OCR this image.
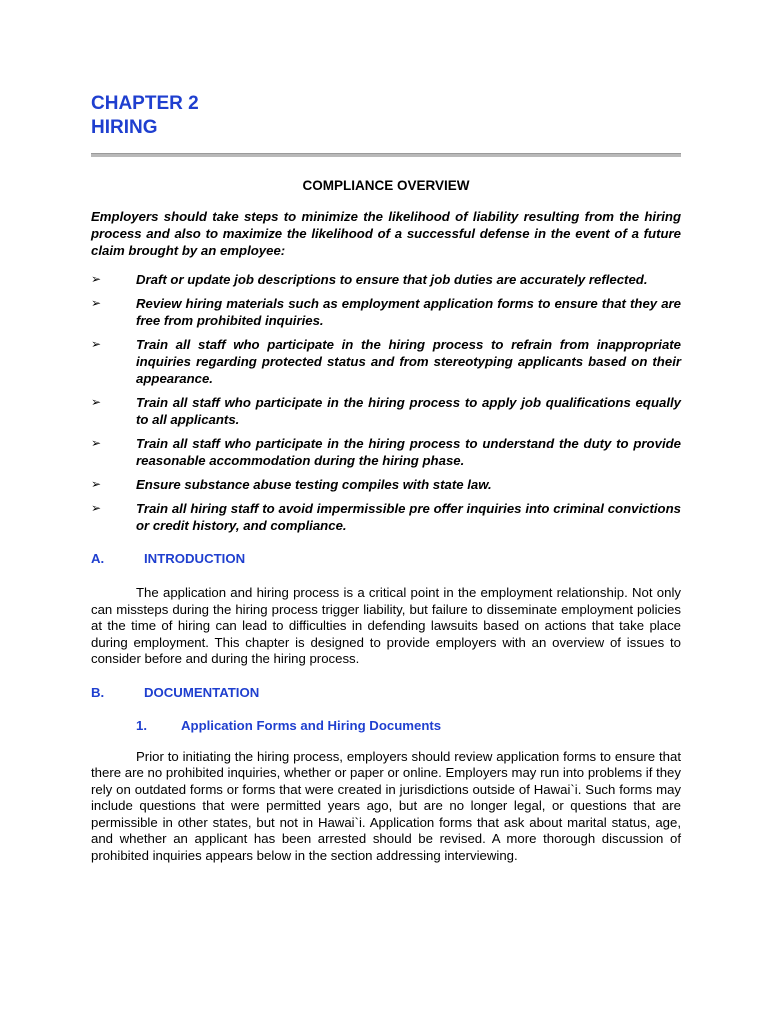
CHAPTER 2
HIRING
COMPLIANCE OVERVIEW
Employers should take steps to minimize the likelihood of liability resulting from the hiring process and also to maximize the likelihood of a successful defense in the event of a future claim brought by an employee:
➢	Draft or update job descriptions to ensure that job duties are accurately reflected.
➢	Review hiring materials such as employment application forms to ensure that they are free from prohibited inquiries.
➢	Train all staff who participate in the hiring process to refrain from inappropriate inquiries regarding protected status and from stereotyping applicants based on their appearance.
➢	Train all staff who participate in the hiring process to apply job qualifications equally to all applicants.
➢	Train all staff who participate in the hiring process to understand the duty to provide reasonable accommodation during the hiring phase.
➢	Ensure substance abuse testing compiles with state law.
➢	Train all hiring staff to avoid impermissible pre offer inquiries into criminal convictions or credit history, and compliance.
A.	INTRODUCTION

The application and hiring process is a critical point in the employment relationship. Not only can missteps during the hiring process trigger liability, but failure to disseminate employment policies at the time of hiring can lead to difficulties in defending lawsuits based on actions that take place during employment. This chapter is designed to provide employers with an overview of issues to consider before and during the hiring process.

B.	DOCUMENTATION
1.	Application Forms and Hiring Documents

Prior to initiating the hiring process, employers should review application forms to ensure that there are no prohibited inquiries, whether or paper or online. Employers may run into problems if they rely on outdated forms or forms that were created in jurisdictions outside of Hawai`i. Such forms may include questions that were permitted years ago, but are no longer legal, or questions that are permissible in other states, but not in Hawai`i. Application forms that ask about marital status, age, and whether an applicant has been arrested should be revised. A more thorough discussion of prohibited inquiries appears below in the section addressing interviewing.
